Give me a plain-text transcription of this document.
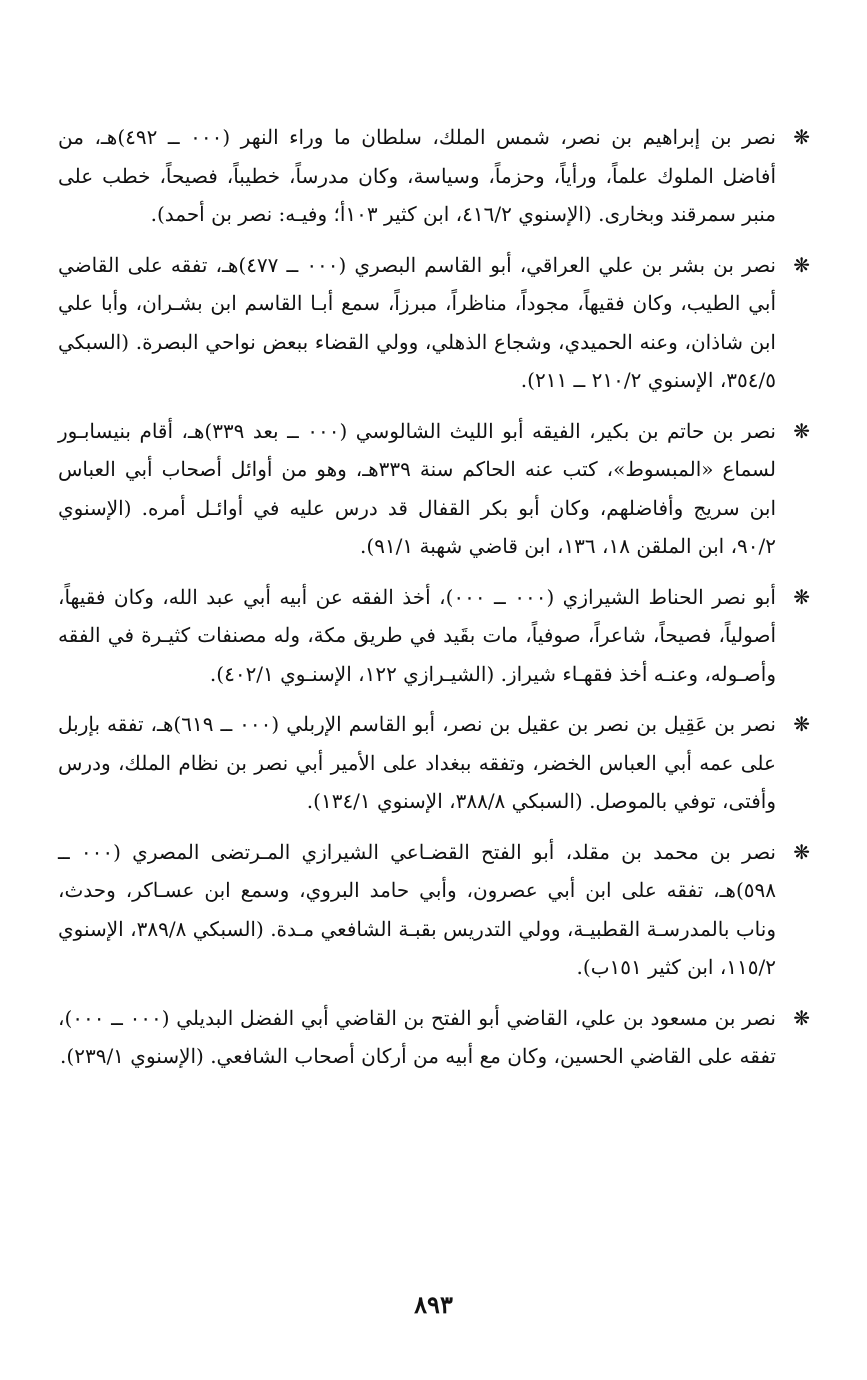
❋
نصر بن إبراهيم بن نصر، شمس الملك، سلطان ما وراء النهر (٠٠٠ ــ ٤٩٢)هـ، من أفاضل الملوك علماً، ورأياً، وحزماً، وسياسة، وكان مدرساً، خطيباً، فصيحاً، خطب على منبر سمرقند وبخارى. (الإسنوي ٤١٦/٢، ابن كثير ١٠٣أ؛ وفيـه: نصر بن أحمد).
❋
نصر بن بشر بن علي العراقي، أبو القاسم البصري (٠٠٠ ــ ٤٧٧)هـ، تفقه على القاضي أبي الطيب، وكان فقيهاً، مجوداً، مناظراً، مبرزاً، سمع أبـا القاسم ابن بشـران، وأبا علي ابن شاذان، وعنه الحميدي، وشجاع الذهلي، وولي القضاء ببعض نواحي البصرة. (السبكي ٣٥٤/٥، الإسنوي ٢١٠/٢ ــ ٢١١).
❋
نصر بن حاتم بن بكير، الفيقه أبو الليث الشالوسي (٠٠٠ ــ بعد ٣٣٩)هـ، أقام بنيسابـور لسماع «المبسوط»، كتب عنه الحاكم سنة ٣٣٩هـ، وهو من أوائل أصحاب أبي العباس ابن سريج وأفاضلهم، وكان أبو بكر القفال قد درس عليه في أوائـل أمره. (الإسنوي ٩٠/٢، ابن الملقن ١٨، ١٣٦، ابن قاضي شهبة ٩١/١).
❋
أبو نصر الحناط الشيرازي (٠٠٠ ــ ٠٠٠)، أخذ الفقه عن أبيه أبي عبد الله، وكان فقيهاً، أصولياً، فصيحاً، شاعراً، صوفياً، مات بقَيد في طريق مكة، وله مصنفات كثيـرة في الفقه وأصـوله، وعنـه أخذ فقهـاء شيراز. (الشيـرازي ١٢٢، الإسنـوي ٤٠٢/١).
❋
نصر بن عَقِيل بن نصر بن عقيل بن نصر، أبو القاسم الإربلي (٠٠٠ ــ ٦١٩)هـ، تفقه بإربل على عمه أبي العباس الخضر، وتفقه ببغداد على الأمير أبي نصر بن نظام الملك، ودرس وأفتى، توفي بالموصل. (السبكي ٣٨٨/٨، الإسنوي ١٣٤/١).
❋
نصر بن محمد بن مقلد، أبو الفتح القضـاعي الشيرازي المـرتضى المصري (٠٠٠ ــ ٥٩٨)هـ، تفقه على ابن أبي عصرون، وأبي حامد البروي، وسمع ابن عسـاكر، وحدث، وناب بالمدرسـة القطبيـة، وولي التدريس بقبـة الشافعي مـدة. (السبكي ٣٨٩/٨، الإسنوي ١١٥/٢، ابن كثير ١٥١ب).
❋
نصر بن مسعود بن علي، القاضي أبو الفتح بن القاضي أبي الفضل البديلي (٠٠٠ ــ ٠٠٠)، تفقه على القاضي الحسين، وكان مع أبيه من أركان أصحاب الشافعي. (الإسنوي ٢٣٩/١).
٨٩٣
